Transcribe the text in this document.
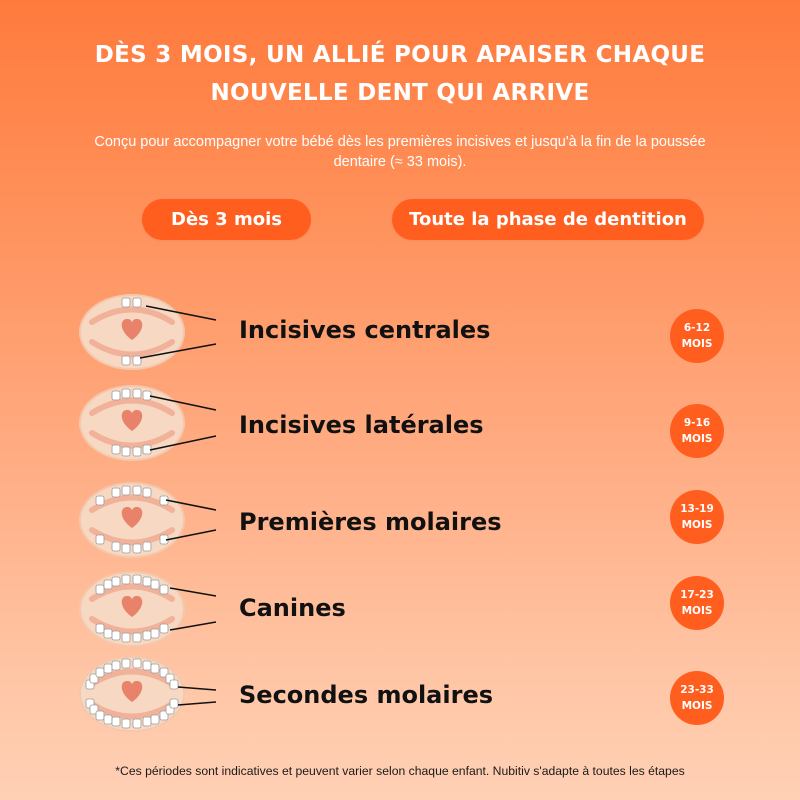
DÈS 3 MOIS, UN ALLIÉ POUR APAISER CHAQUE
NOUVELLE DENT QUI ARRIVE
Conçu pour accompagner votre bébé dès les premières incisives et jusqu'à la fin de la poussée dentaire (≈ 33 mois).
Dès 3 mois	Toute la phase de dentition
Incisives centrales
Incisives latérales
Premières molaires
Canines
Secondes molaires
6-12
MOIS
9-16
MOIS
13-19
MOIS
17-23
MOIS
23-33
MOIS
*Ces périodes sont indicatives et peuvent varier selon chaque enfant. Nubitiv s'adapte à toutes les étapes
